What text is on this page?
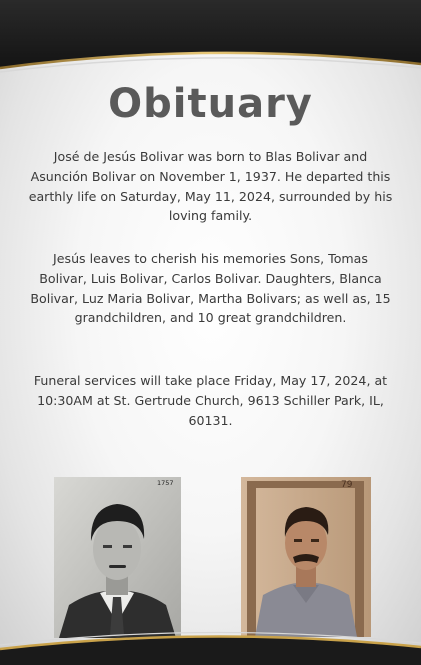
Obituary

José de Jesús Bolivar was born to Blas Bolivar and Asunción Bolivar on November 1, 1937. He departed this earthly life on Saturday, May 11, 2024, surrounded by his loving family.

Jesús leaves to cherish his memories Sons, Tomas Bolivar, Luis Bolivar, Carlos Bolivar. Daughters, Blanca Bolivar, Luz Maria Bolivar, Martha Bolivars; as well as, 15 grandchildren, and 10 great grandchildren.

Funeral services will take place Friday, May 17, 2024, at 10:30AM at St. Gertrude Church, 9613 Schiller Park, IL, 60131.

1757	79
